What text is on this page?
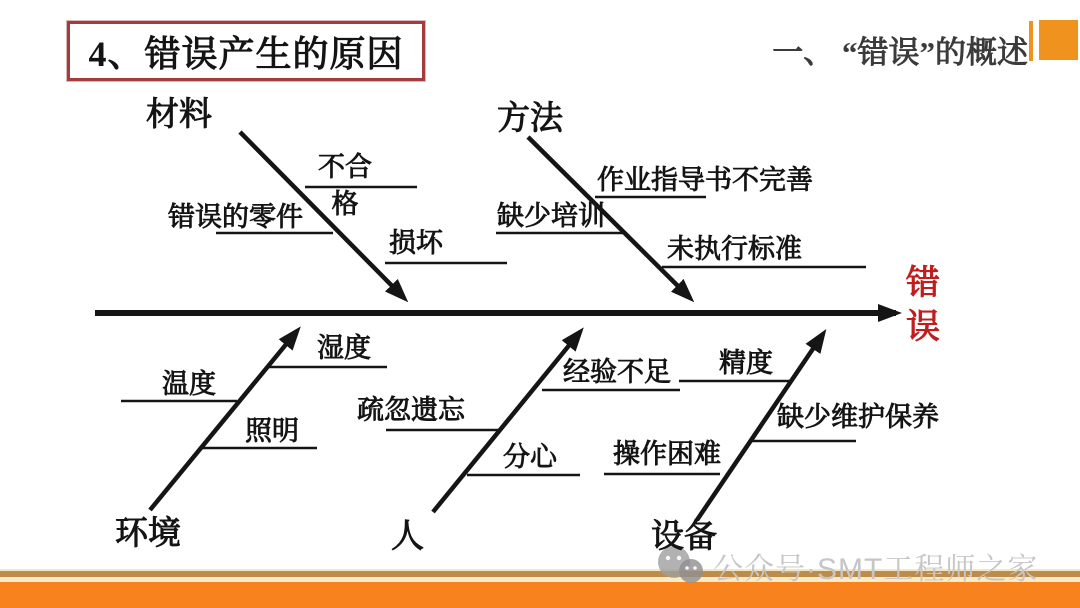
4、错误产生的原因	一、 “错误”的概述
材料	方法
环境	人	设备
不合格
错误的零件
损坏
作业指导书不完善
缺少培训
未执行标准
湿度
温度
照明
经验不足
疏忽遗忘
分心
精度
缺少维护保养
操作困难
错误
公众号·SMT工程师之家
